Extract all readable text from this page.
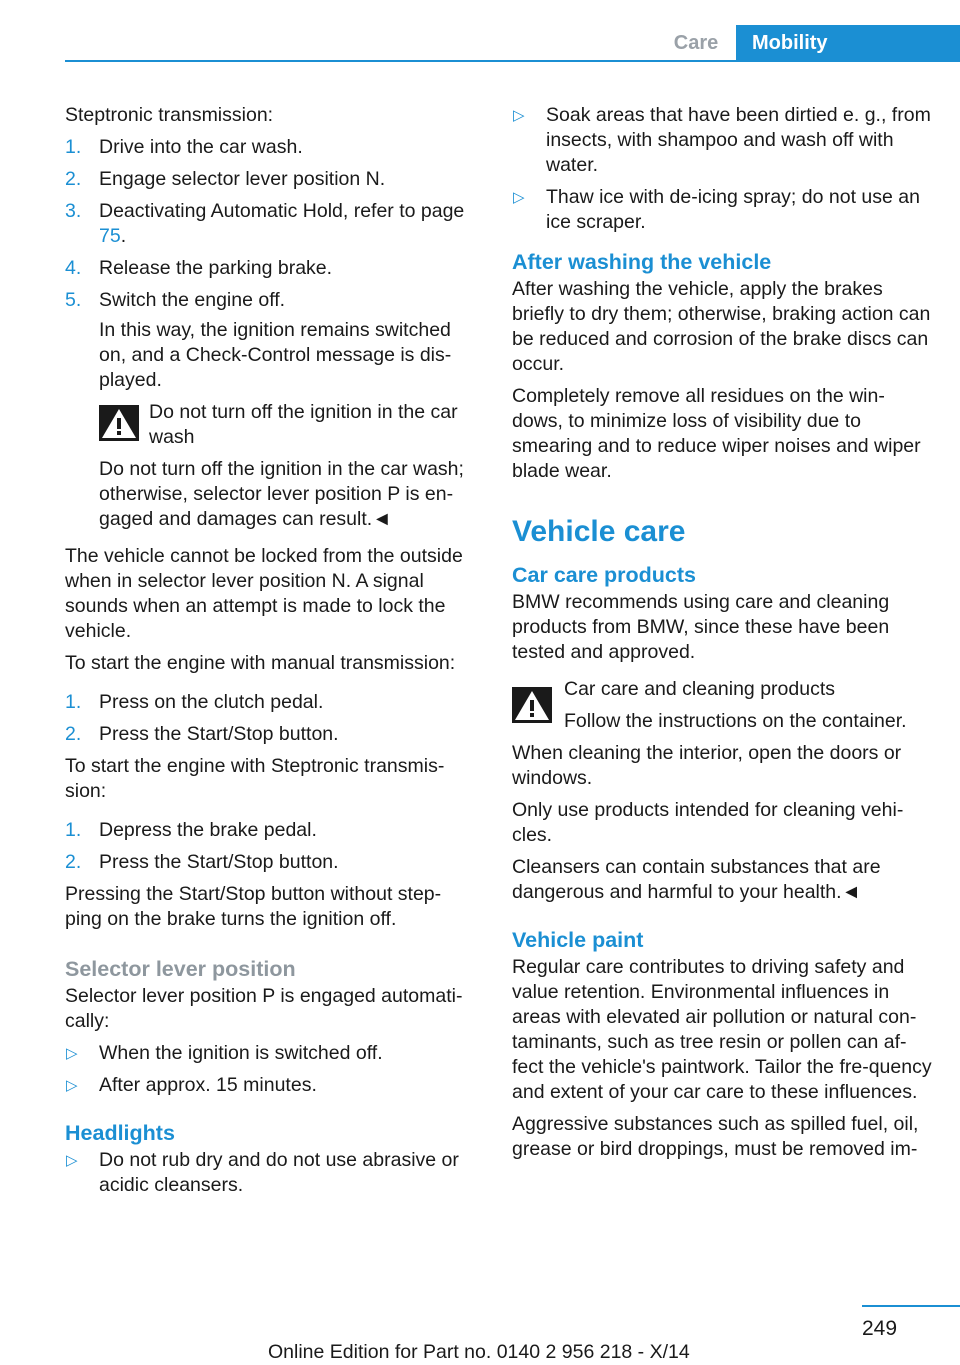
Care	Mobility

Steptronic transmission:

1. Drive into the car wash.
2. Engage selector lever position N.
3. Deactivating Automatic Hold, refer to page 75.
4. Release the parking brake.
5. Switch the engine off.

In this way, the ignition remains switched on, and a Check-Control message is dis-played.

Do not turn off the ignition in the car wash

Do not turn off the ignition in the car wash; otherwise, selector lever position P is en-gaged and damages can result.◄

The vehicle cannot be locked from the outside when in selector lever position N. A signal sounds when an attempt is made to lock the vehicle.

To start the engine with manual transmission:

1. Press on the clutch pedal.
2. Press the Start/Stop button.

To start the engine with Steptronic transmis-sion:

1. Depress the brake pedal.
2. Press the Start/Stop button.

Pressing the Start/Stop button without step-ping on the brake turns the ignition off.

Selector lever position

Selector lever position P is engaged automati-cally:

▷ When the ignition is switched off.
▷ After approx. 15 minutes.
Headlights
▷ Do not rub dry and do not use abrasive or acidic cleansers.
▷ Soak areas that have been dirtied e. g., from insects, with shampoo and wash off with water.
▷ Thaw ice with de-icing spray; do not use an ice scraper.
After washing the vehicle

After washing the vehicle, apply the brakes briefly to dry them; otherwise, braking action can be reduced and corrosion of the brake discs can occur.

Completely remove all residues on the win-dows, to minimize loss of visibility due to smearing and to reduce wiper noises and wiper blade wear.

Vehicle care
Car care products

BMW recommends using care and cleaning products from BMW, since these have been tested and approved.

Car care and cleaning products

Follow the instructions on the container.

When cleaning the interior, open the doors or windows.

Only use products intended for cleaning vehi-cles.

Cleansers can contain substances that are dangerous and harmful to your health.◄

Vehicle paint

Regular care contributes to driving safety and value retention. Environmental influences in areas with elevated air pollution or natural con-taminants, such as tree resin or pollen can af-fect the vehicle's paintwork. Tailor the fre-quency and extent of your car care to these influences.

Aggressive substances such as spilled fuel, oil, grease or bird droppings, must be removed im-

249
Online Edition for Part no. 0140 2 956 218 - X/14
